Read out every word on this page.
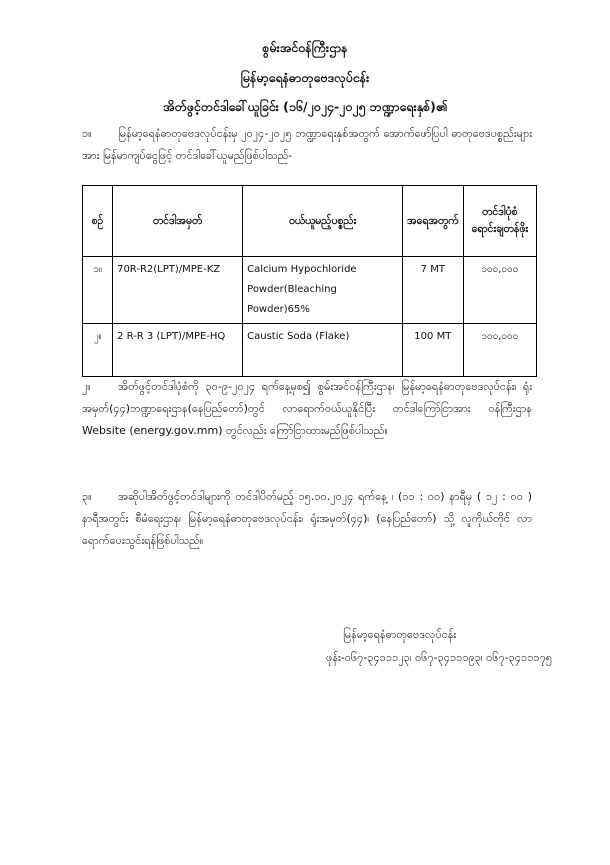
စွမ်းအင်ဝန်ကြီးဌာန
မြန်မာ့ရေနံဓာတုဗေဒလုပ်ငန်း
အိတ်ဖွင့်တင်ဒါခေါ်ယူခြင်း (၁၆/၂၀၂၄-၂၀၂၅ ဘဏ္ဍာရေးနှစ်)၏
၁။ မြန်မာ့ရေနံဓာတုဗေဒလုပ်ငန်းမှ ၂၀၂၄-၂၀၂၅ ဘဏ္ဍာရေးနှစ်အတွက် အောက်ဖော်ပြပါ ဓာတုဗေဒပစ္စည်းများအား မြန်မာကျပ်ငွေဖြင့် တင်ဒါခေါ်ယူမည်ဖြစ်ပါသည်-
စဉ်	တင်ဒါအမှတ်	ဝယ်ယူမည့်ပစ္စည်း	အရေအတွက်	တင်ဒါပုံစံရောင်းချတန်ဖိုး
၁။	70R-R2(LPT)/MPE-KZ	Calcium Hypochloride Powder(Bleaching Powder)65%	7 MT	၁၀၀,၀၀၀
၂။	2 R-R 3 (LPT)/MPE-HQ	Caustic Soda (Flake)	100 MT	၁၀၀,၀၀၀
၂။ အိတ်ဖွင့်တင်ဒါပုံစံကို ၃၀-၉-၂၀၂၄ ရက်နေ့မှစ၍ စွမ်းအင်ဝန်ကြီးဌာန၊ မြန်မာ့ရေနံဓာတုဗေဒလုပ်ငန်း၊ ရုံးအမှတ်(၄၄)ဘဏ္ဍာရေးဌာန(နေပြည်တော်)တွင် လာရောက်ဝယ်ယူနိုင်ပြီး တင်ဒါကြော်ငြာအား ဝန်ကြီးဌာန Website (energy.gov.mm) တွင်လည်း ကြော်ငြာထားမည်ဖြစ်ပါသည်။
၃။ အဆိုပါအိတ်ဖွင့်တင်ဒါများကို တင်ဒါပိတ်မည့် ၁၅.၁၀.၂၀၂၄ ရက်နေ့ ၊ (၁၁ : ၀၀) နာရီမှ ( ၁၂ : ၀၀ ) နာရီအတွင်း စီမံရေးဌာန၊ မြန်မာ့ရေနံဓာတုဗေဒလုပ်ငန်း၊ ရုံးအမှတ်(၄၄)၊ (နေပြည်တော်) သို့ လူကိုယ်တိုင် လာရောက်ပေးသွင်းရန်ဖြစ်ပါသည်။
မြန်မာ့ရေနံဓာတုဗေဒလုပ်ငန်း
ဖုန်း-၀၆၇-၃၄၁၁၁၂၃၊ ၀၆၇-၃၄၁၁၁၉၃၊ ၀၆၇-၃၄၁၁၁၇၅
